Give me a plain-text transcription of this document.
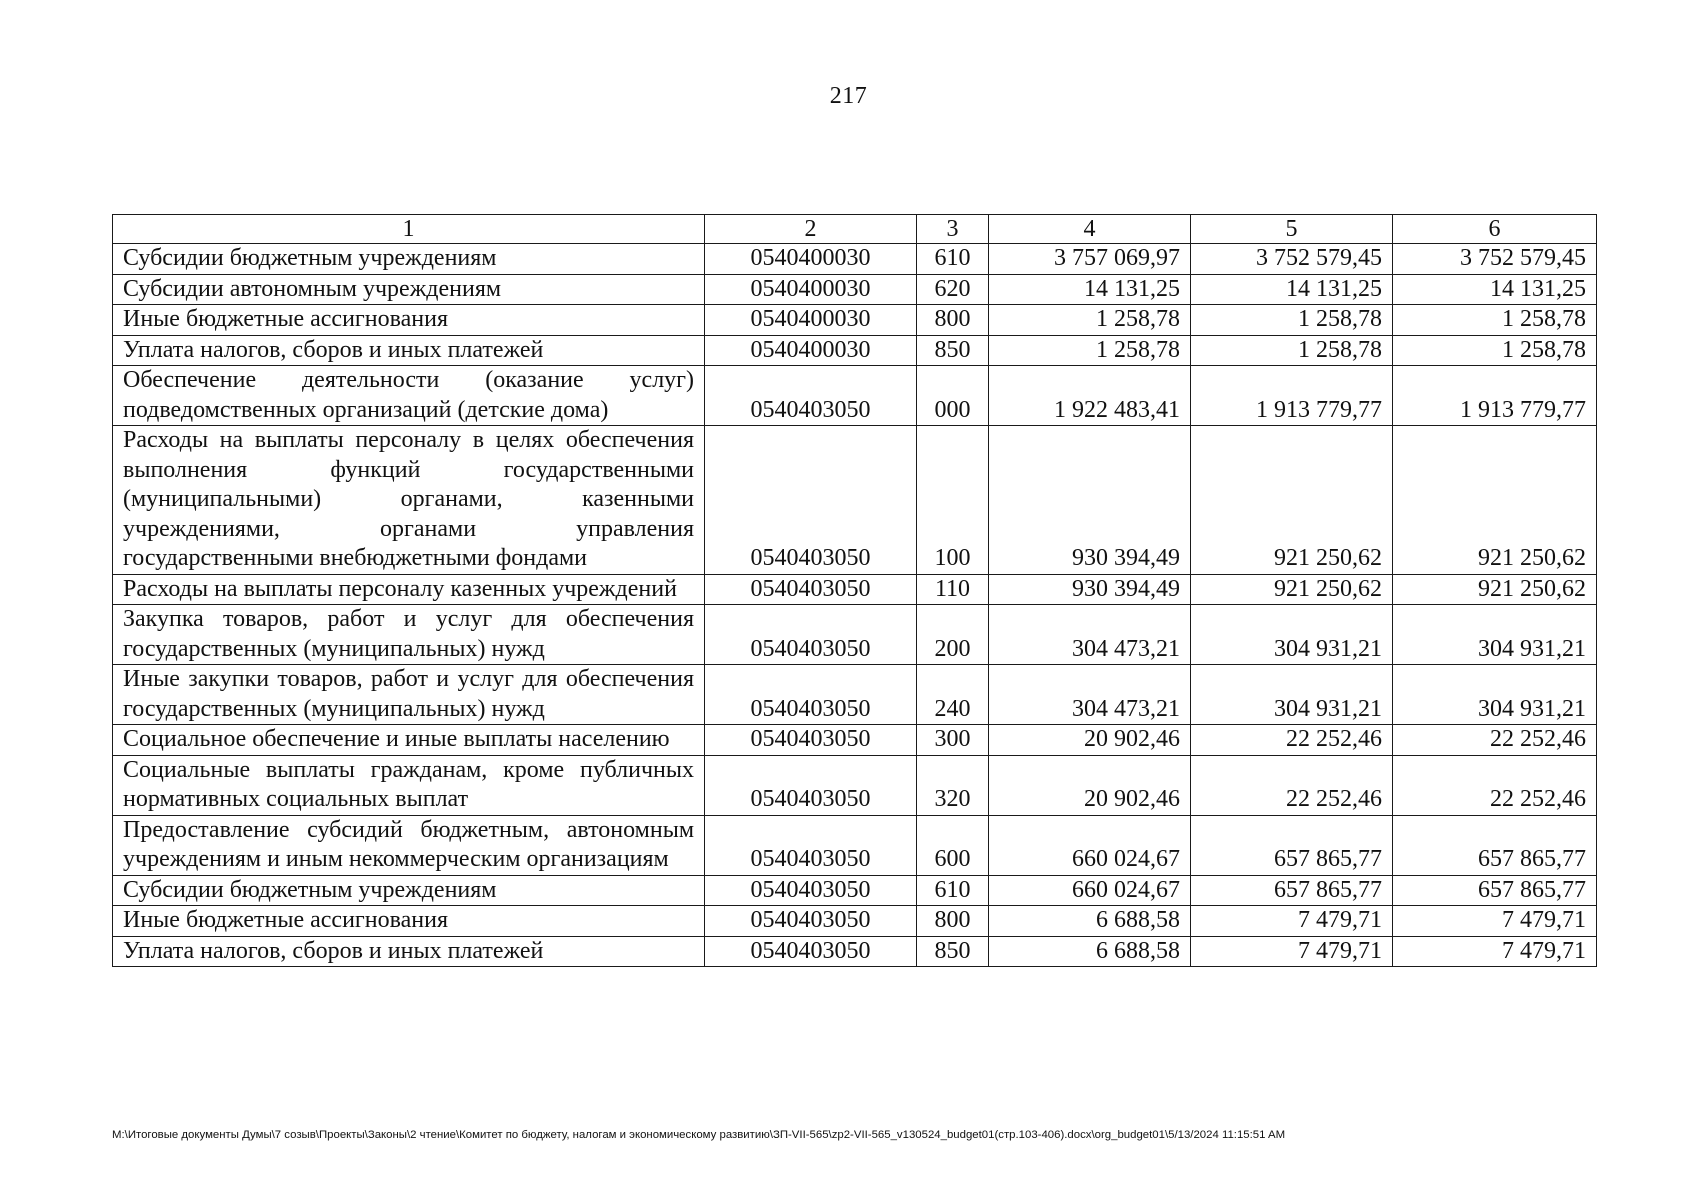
217
1	2	3	4	5	6
Субсидии бюджетным учреждениям	0540400030	610	3 757 069,97	3 752 579,45	3 752 579,45
Субсидии автономным учреждениям	0540400030	620	14 131,25	14 131,25	14 131,25
Иные бюджетные ассигнования	0540400030	800	1 258,78	1 258,78	1 258,78
Уплата налогов, сборов и иных платежей	0540400030	850	1 258,78	1 258,78	1 258,78
Обеспечение деятельности (оказание услуг) подведомственных организаций (детские дома)	0540403050	000	1 922 483,41	1 913 779,77	1 913 779,77
Расходы на выплаты персоналу в целях обеспечения выполнения функций государственными (муниципальными) органами, казенными учреждениями, органами управления государственными внебюджетными фондами	0540403050	100	930 394,49	921 250,62	921 250,62
Расходы на выплаты персоналу казенных учреждений	0540403050	110	930 394,49	921 250,62	921 250,62
Закупка товаров, работ и услуг для обеспечения государственных (муниципальных) нужд	0540403050	200	304 473,21	304 931,21	304 931,21
Иные закупки товаров, работ и услуг для обеспечения государственных (муниципальных) нужд	0540403050	240	304 473,21	304 931,21	304 931,21
Социальное обеспечение и иные выплаты населению	0540403050	300	20 902,46	22 252,46	22 252,46
Социальные выплаты гражданам, кроме публичных нормативных социальных выплат	0540403050	320	20 902,46	22 252,46	22 252,46
Предоставление субсидий бюджетным, автономным учреждениям и иным некоммерческим организациям	0540403050	600	660 024,67	657 865,77	657 865,77
Субсидии бюджетным учреждениям	0540403050	610	660 024,67	657 865,77	657 865,77
Иные бюджетные ассигнования	0540403050	800	6 688,58	7 479,71	7 479,71
Уплата налогов, сборов и иных платежей	0540403050	850	6 688,58	7 479,71	7 479,71
M:\Итоговые документы Думы\7 созыв\Проекты\Законы\2 чтение\Комитет по бюджету, налогам и экономическому развитию\ЗП-VII-565\zp2-VII-565_v130524_budget01(стр.103-406).docx\org_budget01\5/13/2024 11:15:51 AM
